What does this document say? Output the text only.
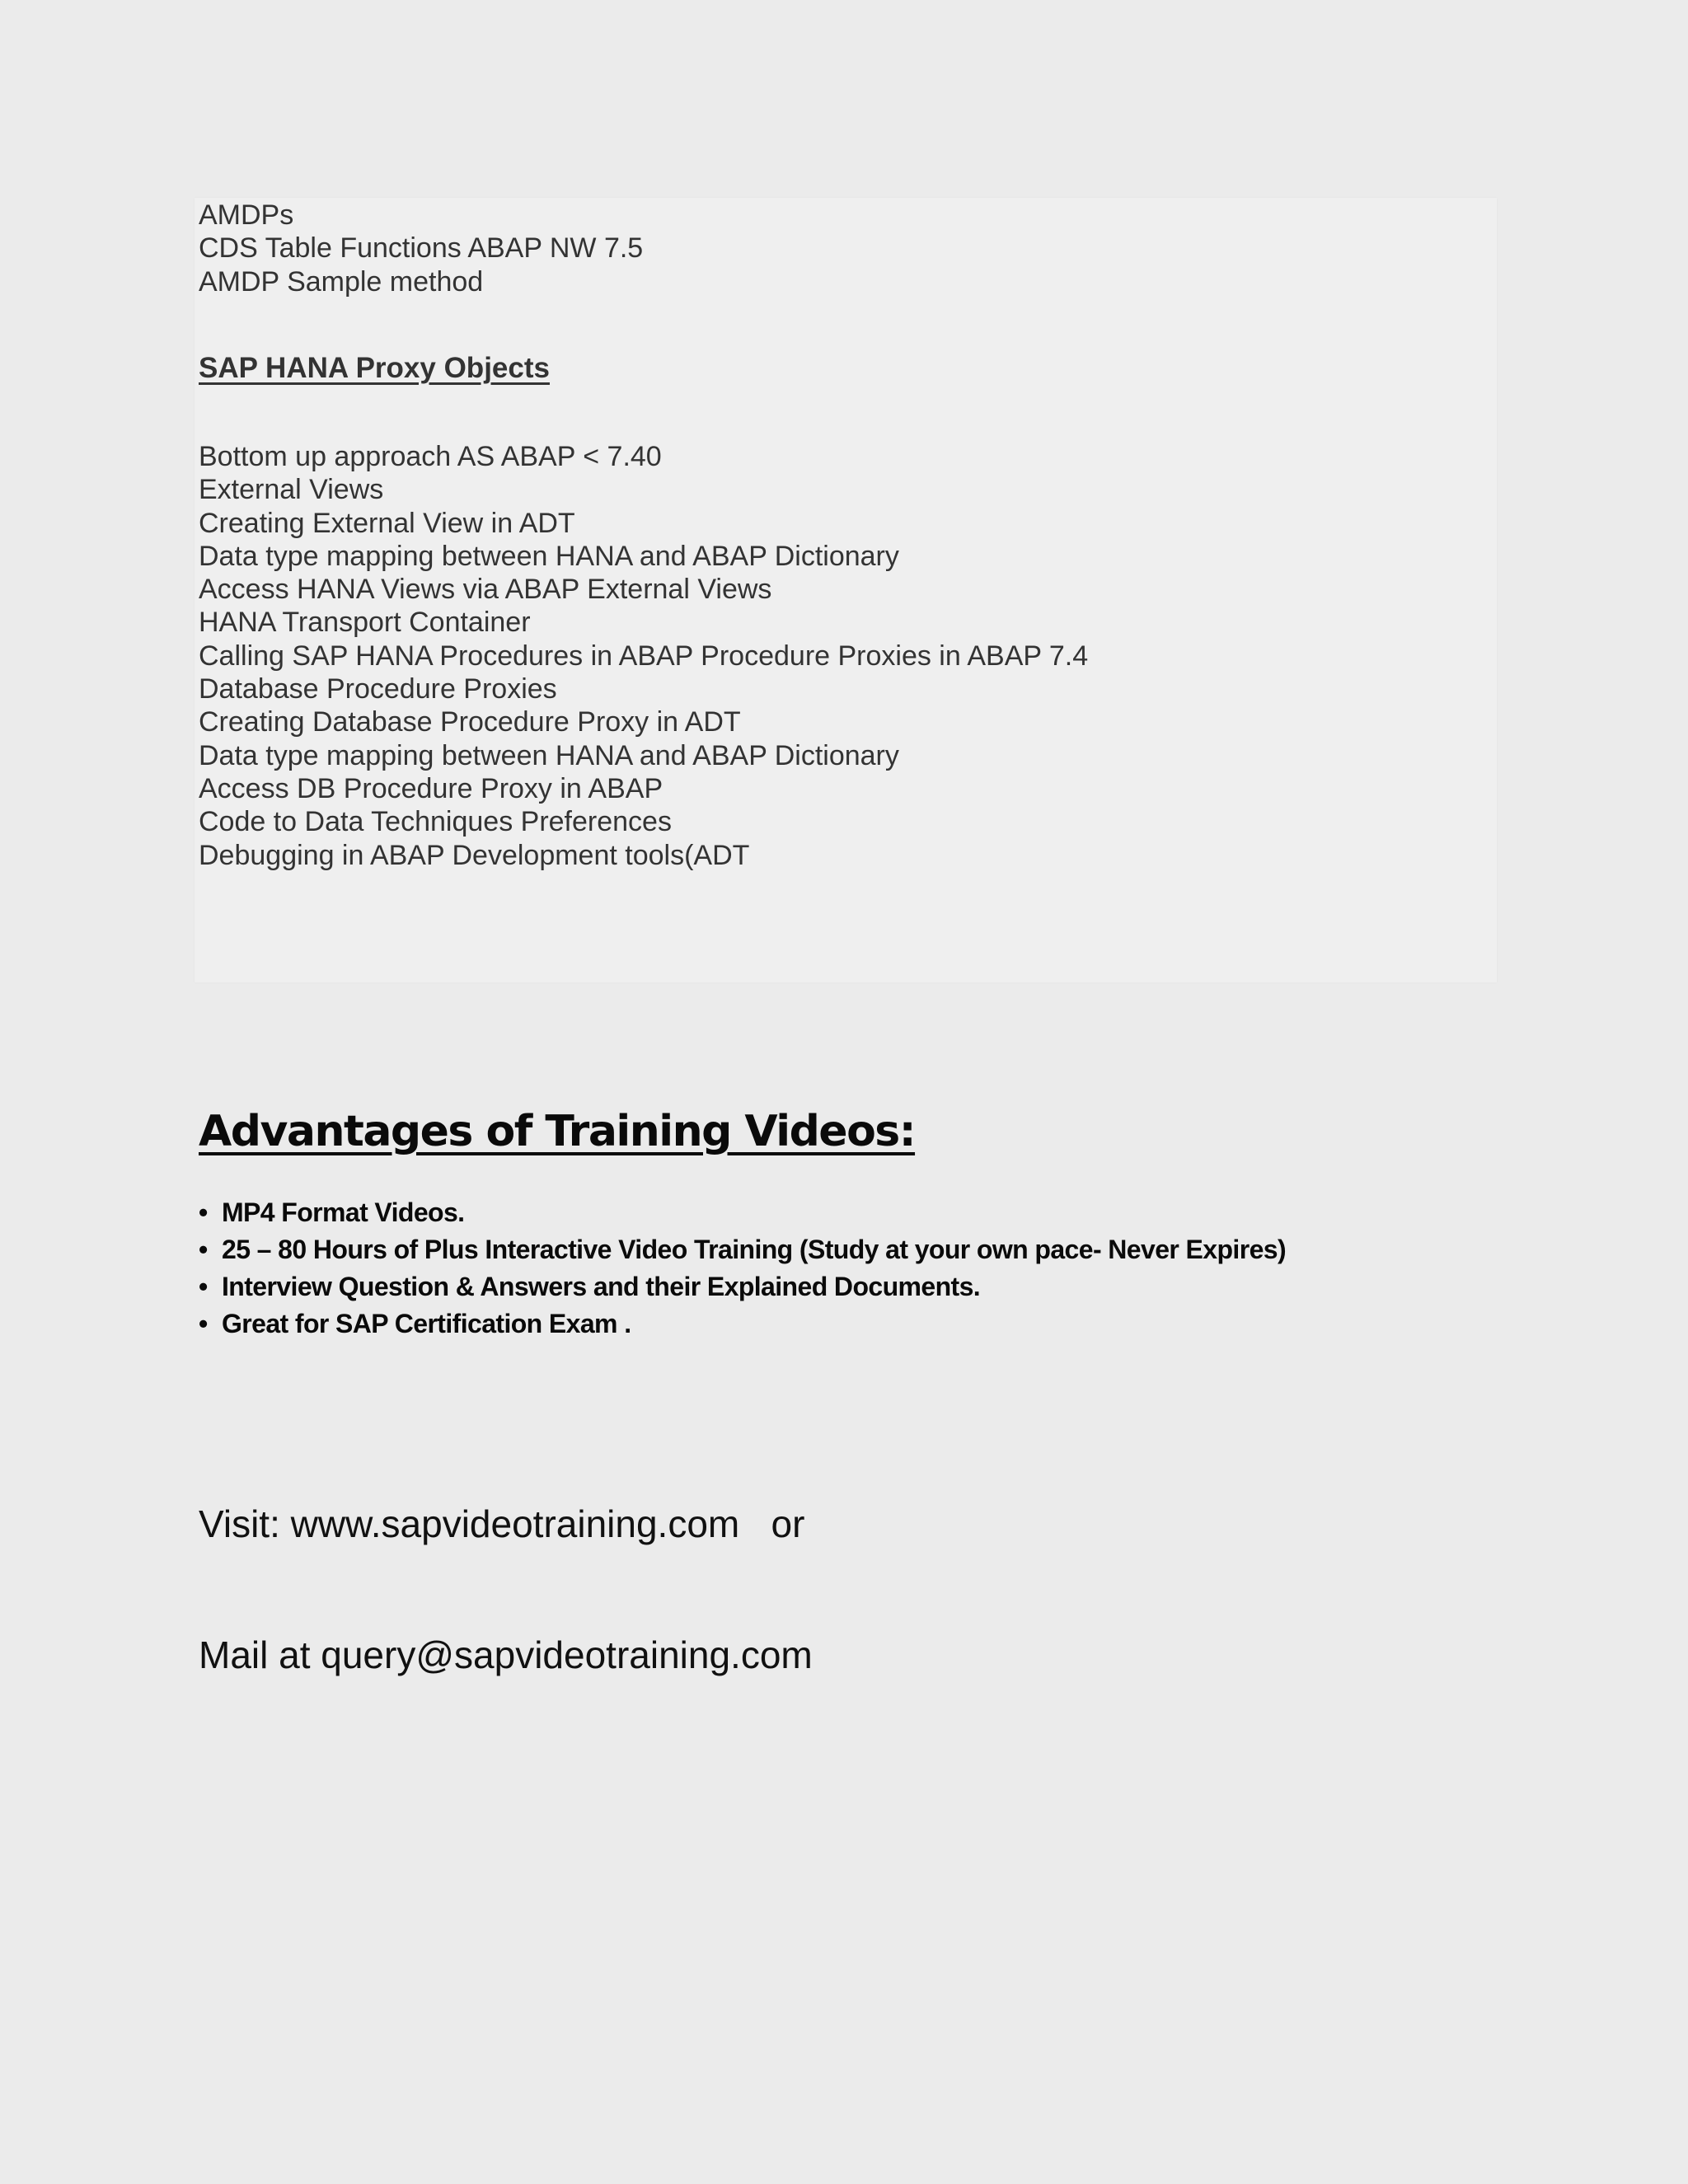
AMDPs
CDS Table Functions ABAP NW 7.5
AMDP Sample method
SAP HANA Proxy Objects
Bottom up approach AS ABAP < 7.40
External Views
Creating External View in ADT
Data type mapping between HANA and ABAP Dictionary
Access HANA Views via ABAP External Views
HANA Transport Container
Calling SAP HANA Procedures in ABAP Procedure Proxies in ABAP 7.4
Database Procedure Proxies
Creating Database Procedure Proxy in ADT
Data type mapping between HANA and ABAP Dictionary
Access DB Procedure Proxy in ABAP
Code to Data Techniques Preferences
Debugging in ABAP Development tools(ADT
Advantages of Training Videos:
• MP4 Format Videos.
• 25 – 80 Hours of Plus Interactive Video Training (Study at your own pace- Never Expires)
• Interview Question & Answers and their Explained Documents.
• Great for SAP Certification Exam .

Visit: www.sapvideotraining.com   or

Mail at query@sapvideotraining.com
